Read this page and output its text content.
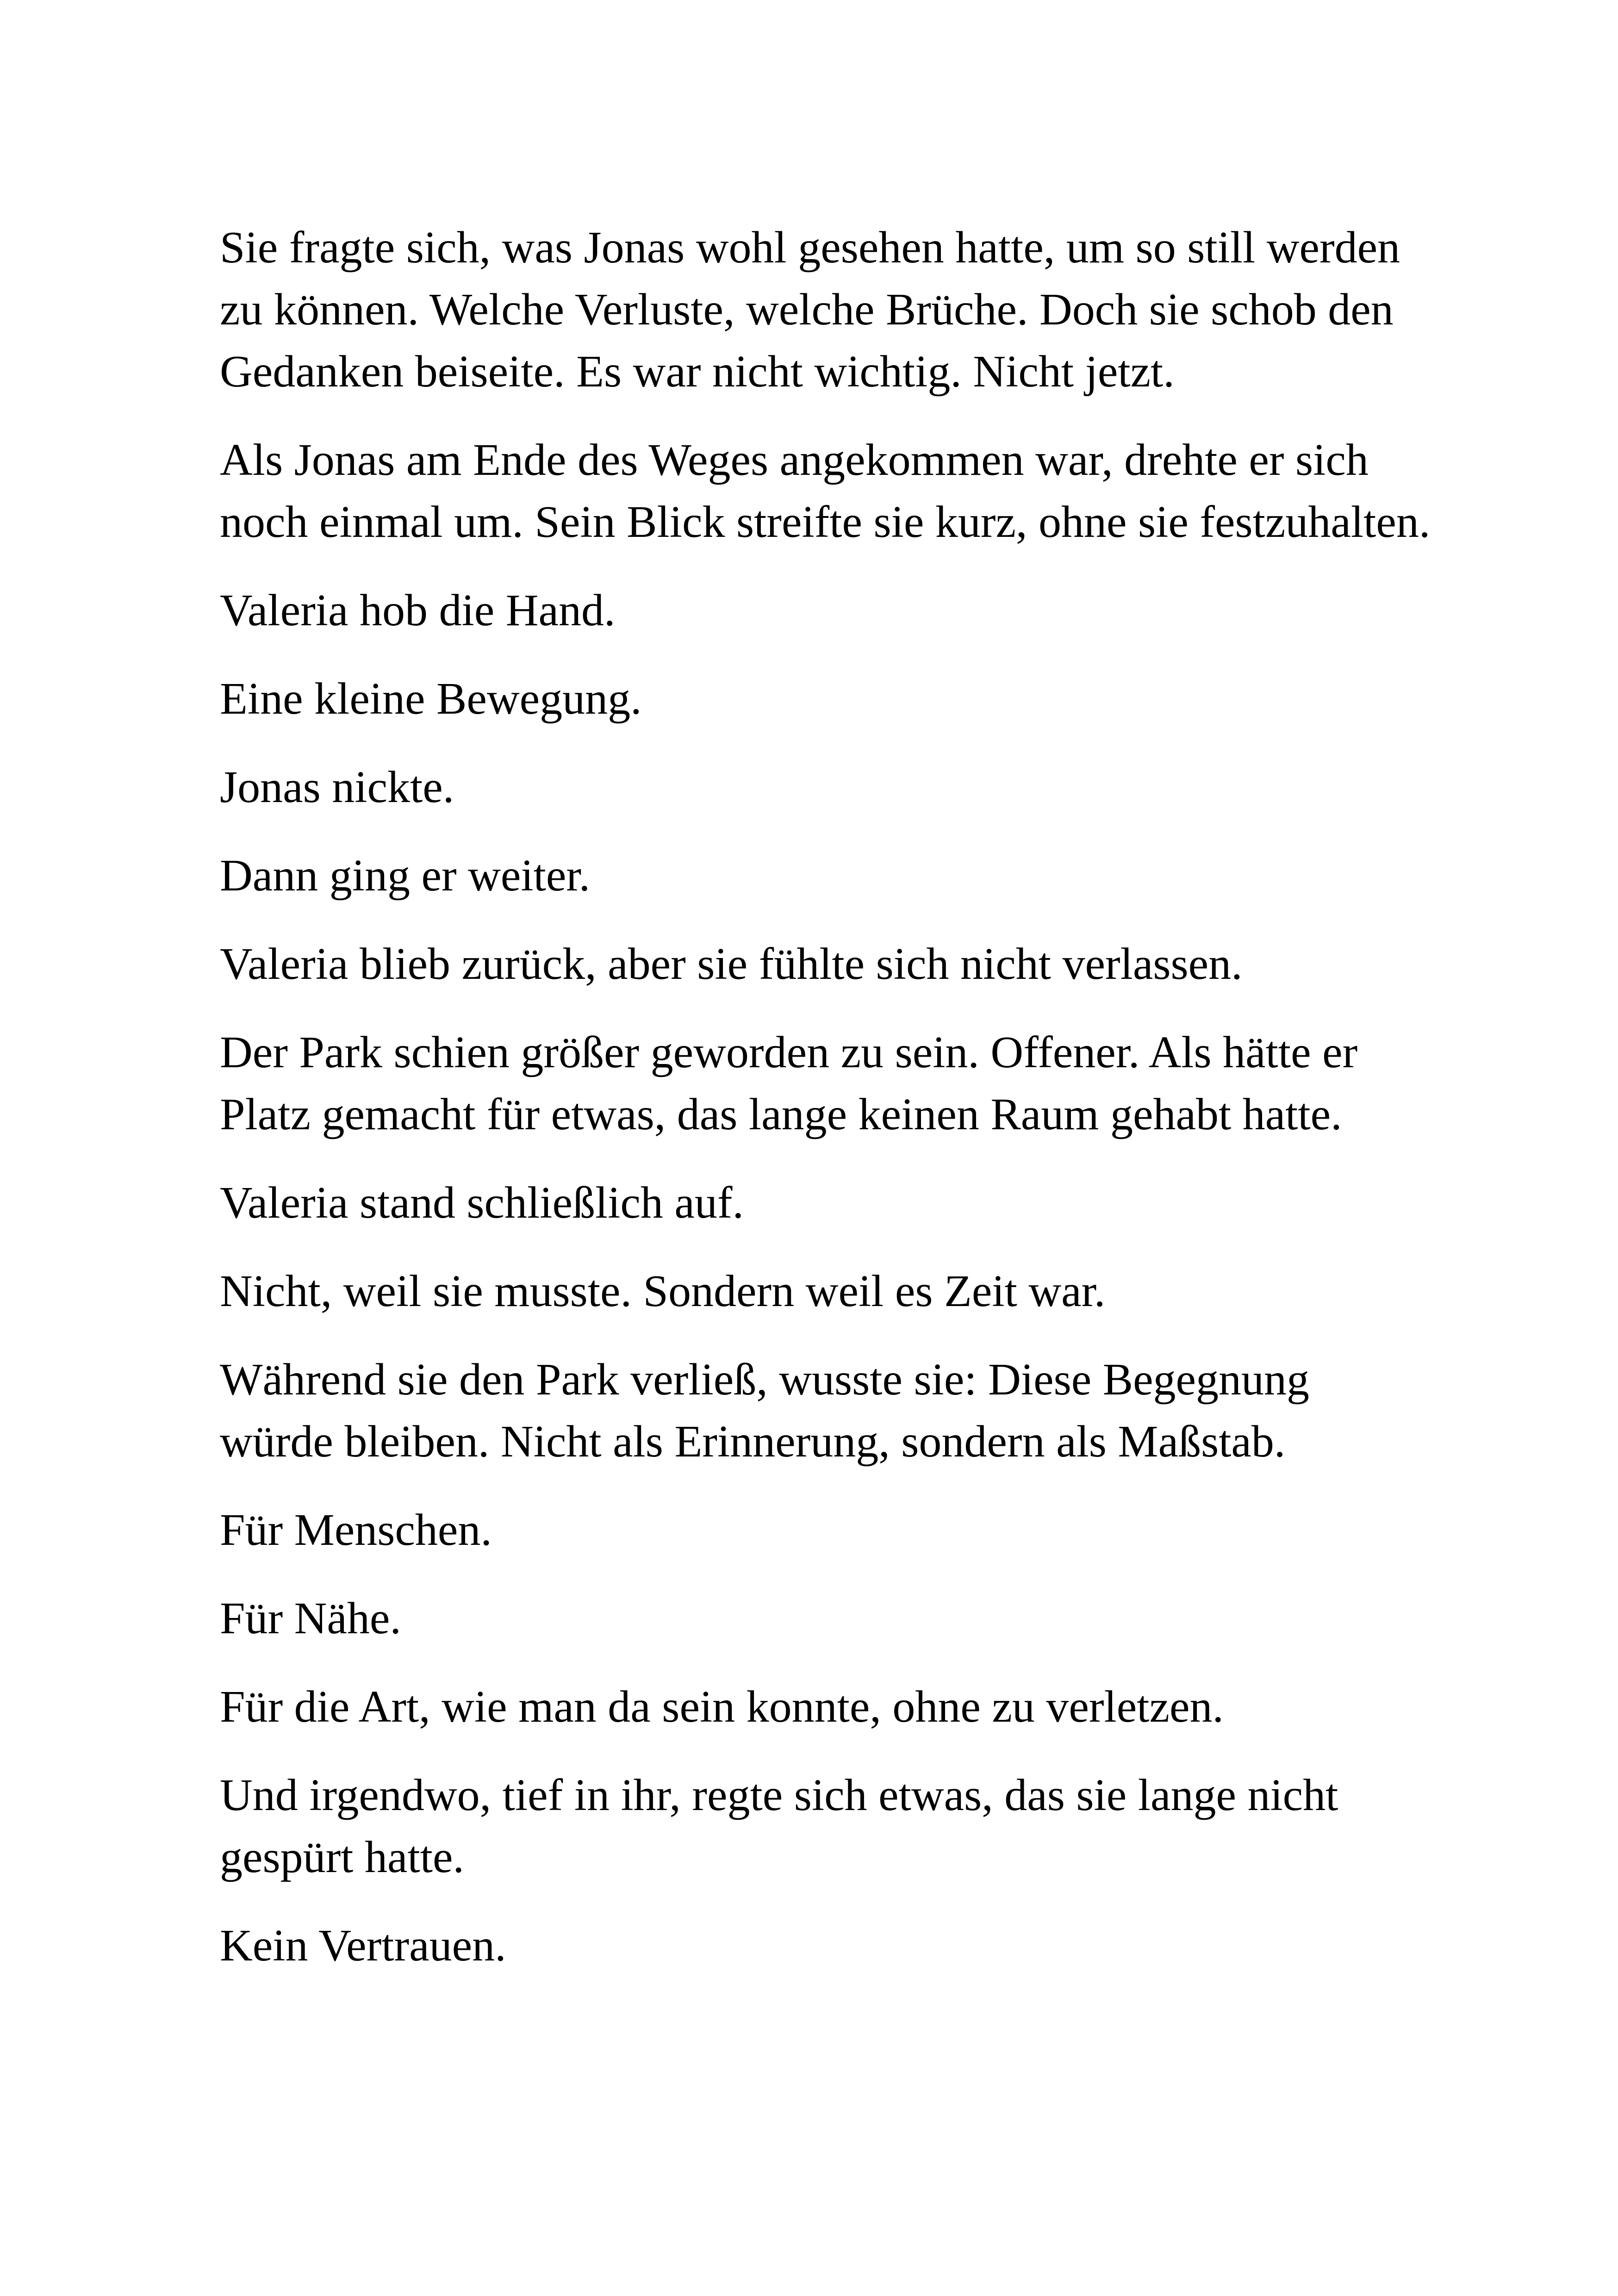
Sie fragte sich, was Jonas wohl gesehen hatte, um so still werden zu können. Welche Verluste, welche Brüche. Doch sie schob den Gedanken beiseite. Es war nicht wichtig. Nicht jetzt.

Als Jonas am Ende des Weges angekommen war, drehte er sich noch einmal um. Sein Blick streifte sie kurz, ohne sie festzuhalten.

Valeria hob die Hand.

Eine kleine Bewegung.

Jonas nickte.

Dann ging er weiter.

Valeria blieb zurück, aber sie fühlte sich nicht verlassen.

Der Park schien größer geworden zu sein. Offener. Als hätte er Platz gemacht für etwas, das lange keinen Raum gehabt hatte.

Valeria stand schließlich auf.

Nicht, weil sie musste. Sondern weil es Zeit war.

Während sie den Park verließ, wusste sie: Diese Begegnung würde bleiben. Nicht als Erinnerung, sondern als Maßstab.

Für Menschen.

Für Nähe.

Für die Art, wie man da sein konnte, ohne zu verletzen.

Und irgendwo, tief in ihr, regte sich etwas, das sie lange nicht gespürt hatte.

Kein Vertrauen.
